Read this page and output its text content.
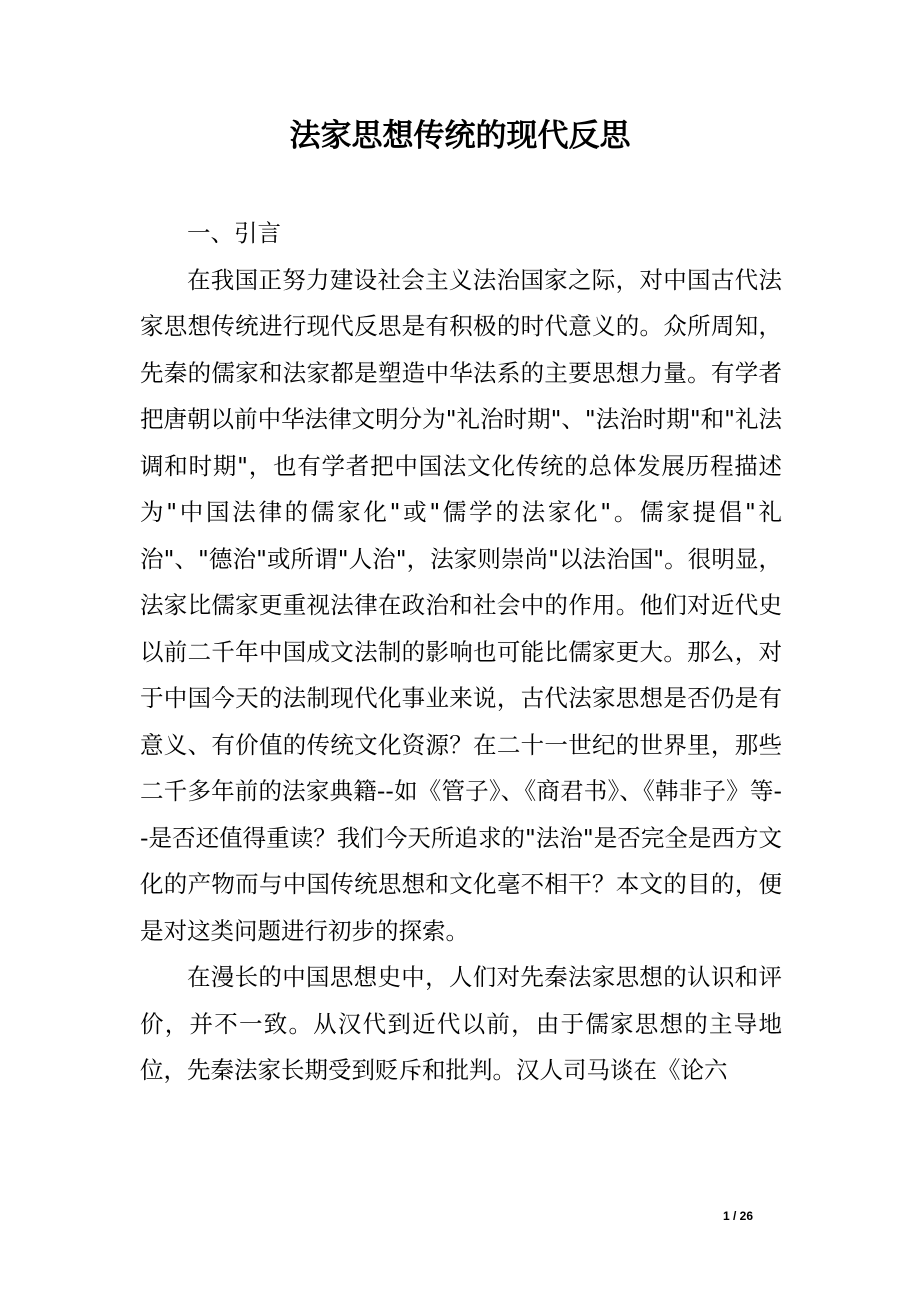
法家思想传统的现代反思

一、引言

在我国正努力建设社会主义法治国家之际，对中国古代法家思想传统进行现代反思是有积极的时代意义的。众所周知，先秦的儒家和法家都是塑造中华法系的主要思想力量。有学者把唐朝以前中华法律文明分为"礼治时期"、"法治时期"和"礼法调和时期"，也有学者把中国法文化传统的总体发展历程描述为"中国法律的儒家化"或"儒学的法家化"。儒家提倡"礼治"、"德治"或所谓"人治"，法家则崇尚"以法治国"。很明显，法家比儒家更重视法律在政治和社会中的作用。他们对近代史以前二千年中国成文法制的影响也可能比儒家更大。那么，对于中国今天的法制现代化事业来说，古代法家思想是否仍是有意义、有价值的传统文化资源？在二十一世纪的世界里，那些二千多年前的法家典籍--如《管子》、《商君书》、《韩非子》等--是否还值得重读？我们今天所追求的"法治"是否完全是西方文化的产物而与中国传统思想和文化毫不相干？本文的目的，便是对这类问题进行初步的探索。

在漫长的中国思想史中，人们对先秦法家思想的认识和评价，并不一致。从汉代到近代以前，由于儒家思想的主导地位，先秦法家长期受到贬斥和批判。汉人司马谈在《论六

1 / 26
